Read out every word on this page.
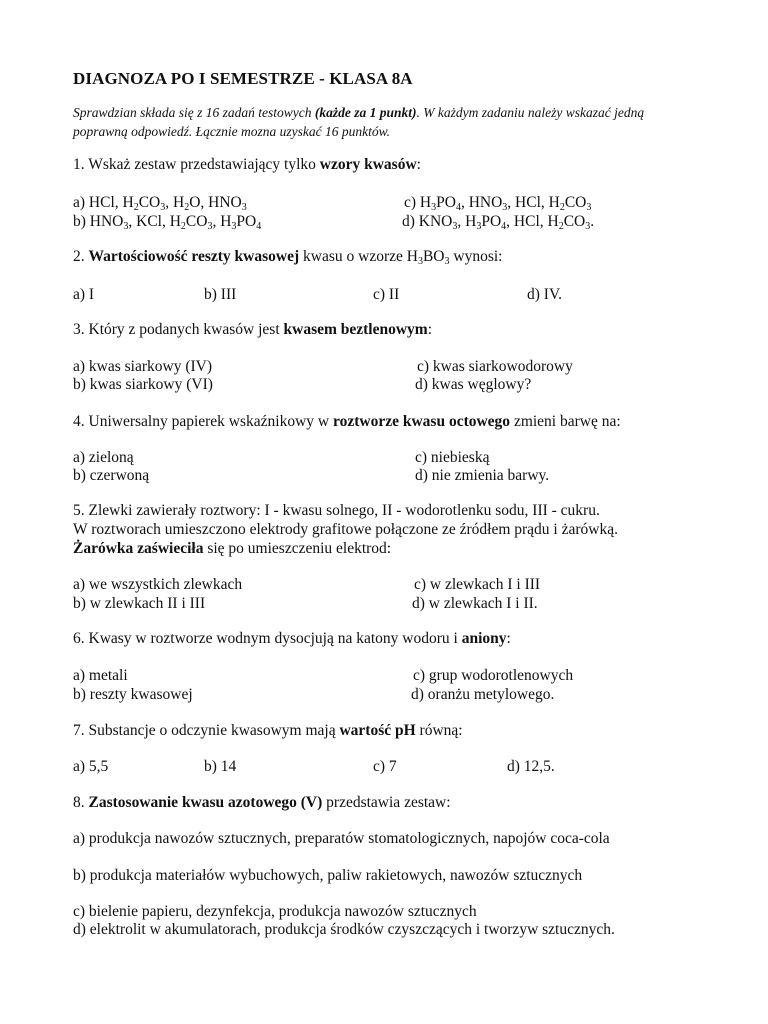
DIAGNOZA PO I SEMESTRZE - KLASA 8A
Sprawdzian składa się z 16 zadań testowych (każde za 1 punkt). W każdym zadaniu należy wskazać jedną
poprawną odpowiedź. Łącznie mozna uzyskać 16 punktów.
1. Wskaż zestaw przedstawiający tylko wzory kwasów:
a) HCl, $H_2CO_3$, $H_2O$, $HNO_3$	c) $H_3PO_4$, $HNO_3$, HCl, $H_2CO_3$
b) $HNO_3$, KCl, $H_2CO_3$, $H_3PO_4$	d) $KNO_3$, $H_3PO_4$, HCl, $H_2CO_3$.
2. Wartościowość reszty kwasowej kwasu o wzorze $H_3BO_3$ wynosi:
a) I	b) III	c) II	d) IV.
3. Który z podanych kwasów jest kwasem beztlenowym:
a) kwas siarkowy (IV)	c) kwas siarkowodorowy
b) kwas siarkowy (VI)	d) kwas węglowy?
4. Uniwersalny papierek wskaźnikowy w roztworze kwasu octowego zmieni barwę na:
a) zieloną	c) niebieską
b) czerwoną	d) nie zmienia barwy.
5. Zlewki zawierały roztwory: I - kwasu solnego, II - wodorotlenku sodu, III - cukru.
W roztworach umieszczono elektrody grafitowe połączone ze źródłem prądu i żarówką.
Żarówka zaświeciła się po umieszczeniu elektrod:
a) we wszystkich zlewkach	c) w zlewkach I i III
b) w zlewkach II i III	d) w zlewkach I i II.
6. Kwasy w roztworze wodnym dysocjują na katony wodoru i aniony:
a) metali	c) grup wodorotlenowych
b) reszty kwasowej	d) oranżu metylowego.
7. Substancje o odczynie kwasowym mają wartość pH równą:
a) 5,5	b) 14	c) 7	d) 12,5.
8. Zastosowanie kwasu azotowego (V) przedstawia zestaw:
a) produkcja nawozów sztucznych, preparatów stomatologicznych, napojów coca-cola
b) produkcja materiałów wybuchowych, paliw rakietowych, nawozów sztucznych
c) bielenie papieru, dezynfekcja, produkcja nawozów sztucznych
d) elektrolit w akumulatorach, produkcja środków czyszczących i tworzyw sztucznych.
